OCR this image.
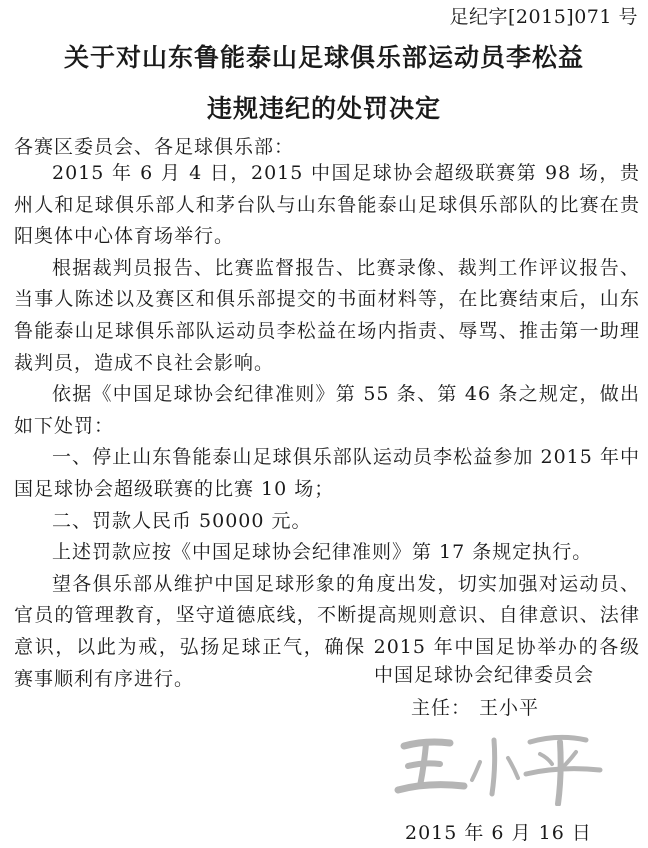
足纪字[2015]071 号
关于对山东鲁能泰山足球俱乐部运动员李松益
违规违纪的处罚决定
各赛区委员会、各足球俱乐部：

2015 年 6 月 4 日，2015 中国足球协会超级联赛第 98 场，贵州人和足球俱乐部人和茅台队与山东鲁能泰山足球俱乐部队的比赛在贵阳奥体中心体育场举行。

根据裁判员报告、比赛监督报告、比赛录像、裁判工作评议报告、当事人陈述以及赛区和俱乐部提交的书面材料等，在比赛结束后，山东鲁能泰山足球俱乐部队运动员李松益在场内指责、辱骂、推击第一助理裁判员，造成不良社会影响。

依据《中国足球协会纪律准则》第 55 条、第 46 条之规定，做出如下处罚：

一、停止山东鲁能泰山足球俱乐部队运动员李松益参加 2015 年中国足球协会超级联赛的比赛 10 场；

二、罚款人民币 50000 元。

上述罚款应按《中国足球协会纪律准则》第 17 条规定执行。

望各俱乐部从维护中国足球形象的角度出发，切实加强对运动员、官员的管理教育，坚守道德底线，不断提高规则意识、自律意识、法律意识，以此为戒，弘扬足球正气，确保 2015 年中国足协举办的各级赛事顺利有序进行。	中国足球协会纪律委员会
主任： 王小平
2015 年 6 月 16 日
